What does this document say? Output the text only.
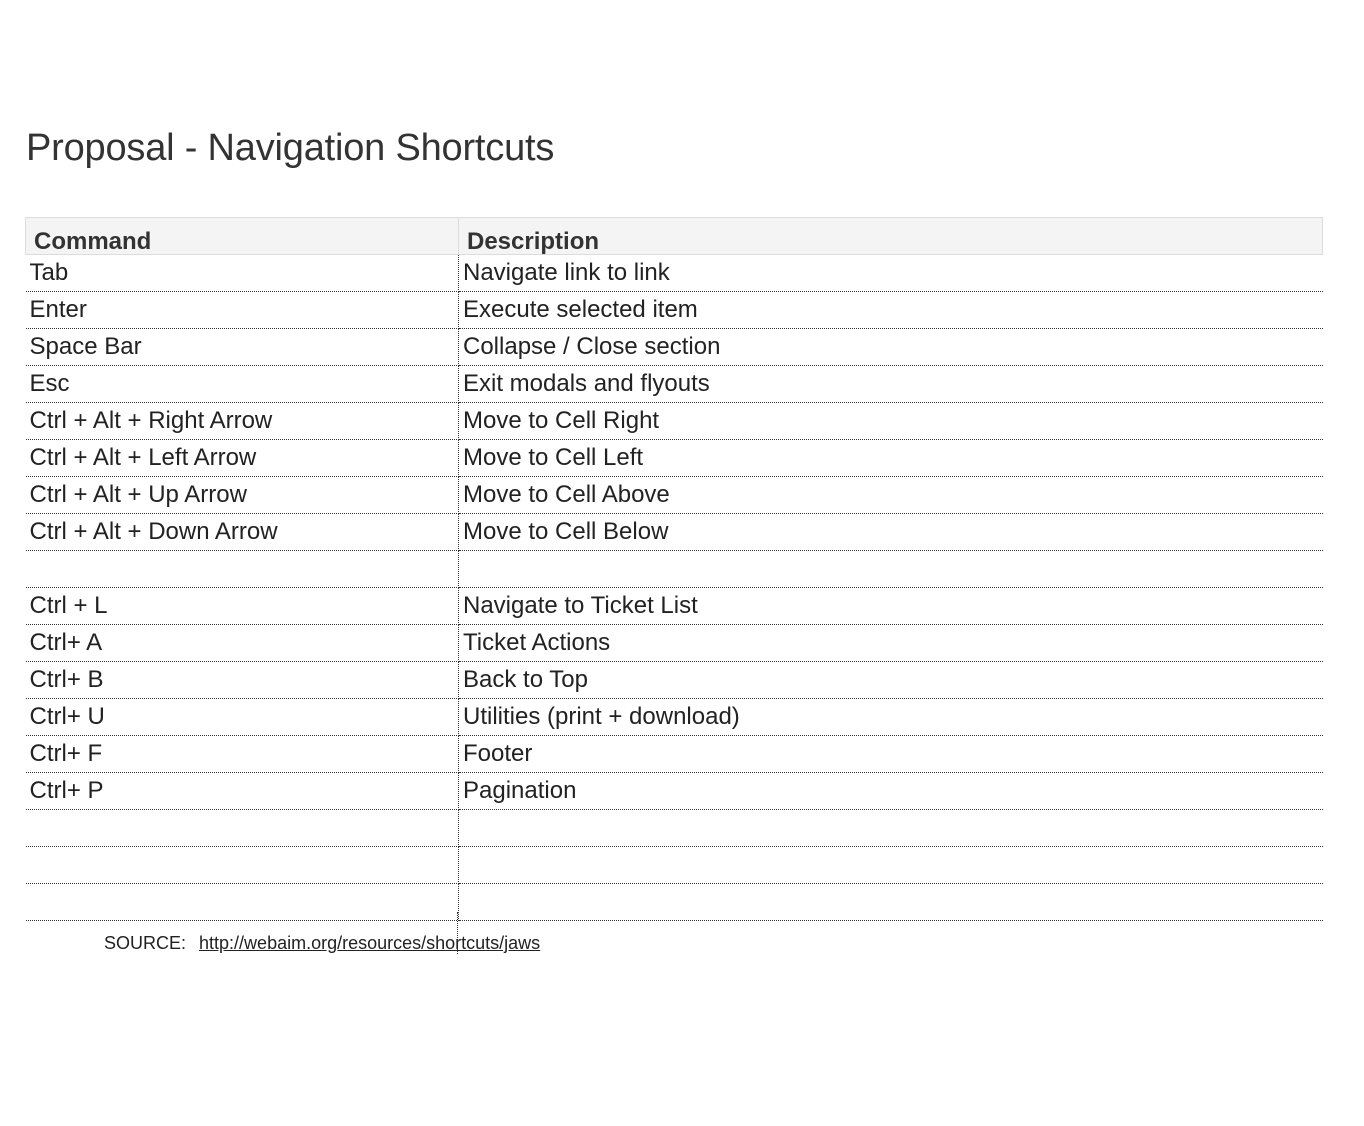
Proposal - Navigation Shortcuts
Command	Description
Tab	Navigate link to link
Enter	Execute selected item
Space Bar	Collapse / Close section
Esc	Exit modals and flyouts
Ctrl + Alt + Right Arrow	Move to Cell Right
Ctrl + Alt + Left Arrow	Move to Cell Left
Ctrl + Alt + Up Arrow	Move to Cell Above
Ctrl + Alt + Down Arrow	Move to Cell Below

Ctrl + L	Navigate to Ticket List
Ctrl+ A	Ticket Actions
Ctrl+ B	Back to Top
Ctrl+ U	Utilities (print + download)
Ctrl+ F	Footer
Ctrl+ P	Pagination

SOURCE: http://webaim.org/resources/shortcuts/jaws
